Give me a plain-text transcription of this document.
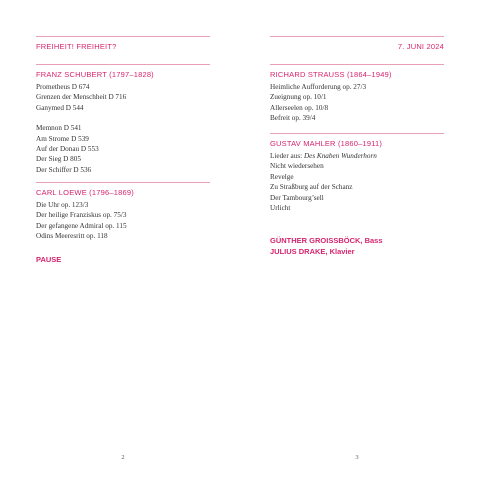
FREIHEIT! FREIHEIT?
FRANZ SCHUBERT (1797–1828)
Prometheus D 674
Grenzen der Menschheit D 716
Ganymed D 544
Memnon D 541
Am Strome D 539
Auf der Donau D 553
Der Sieg D 805
Der Schiffer D 536
CARL LOEWE (1796–1869)
Die Uhr op. 123/3
Der heilige Franziskus op. 75/3
Der gefangene Admiral op. 115
Odins Meeresritt op. 118
PAUSE
2
7. JUNI 2024
RICHARD STRAUSS (1864–1949)
Heimliche Aufforderung op. 27/3
Zueignung op. 10/1
Allerseelen op. 10/8
Befreit op. 39/4
GUSTAV MAHLER (1860–1911)
Lieder aus: Des Knaben Wunderhorn
Nicht wiedersehen
Revelge
Zu Straßburg auf der Schanz
Der Tambourg’sell
Urlicht
GÜNTHER GROISSBÖCK, Bass
JULIUS DRAKE, Klavier
3
